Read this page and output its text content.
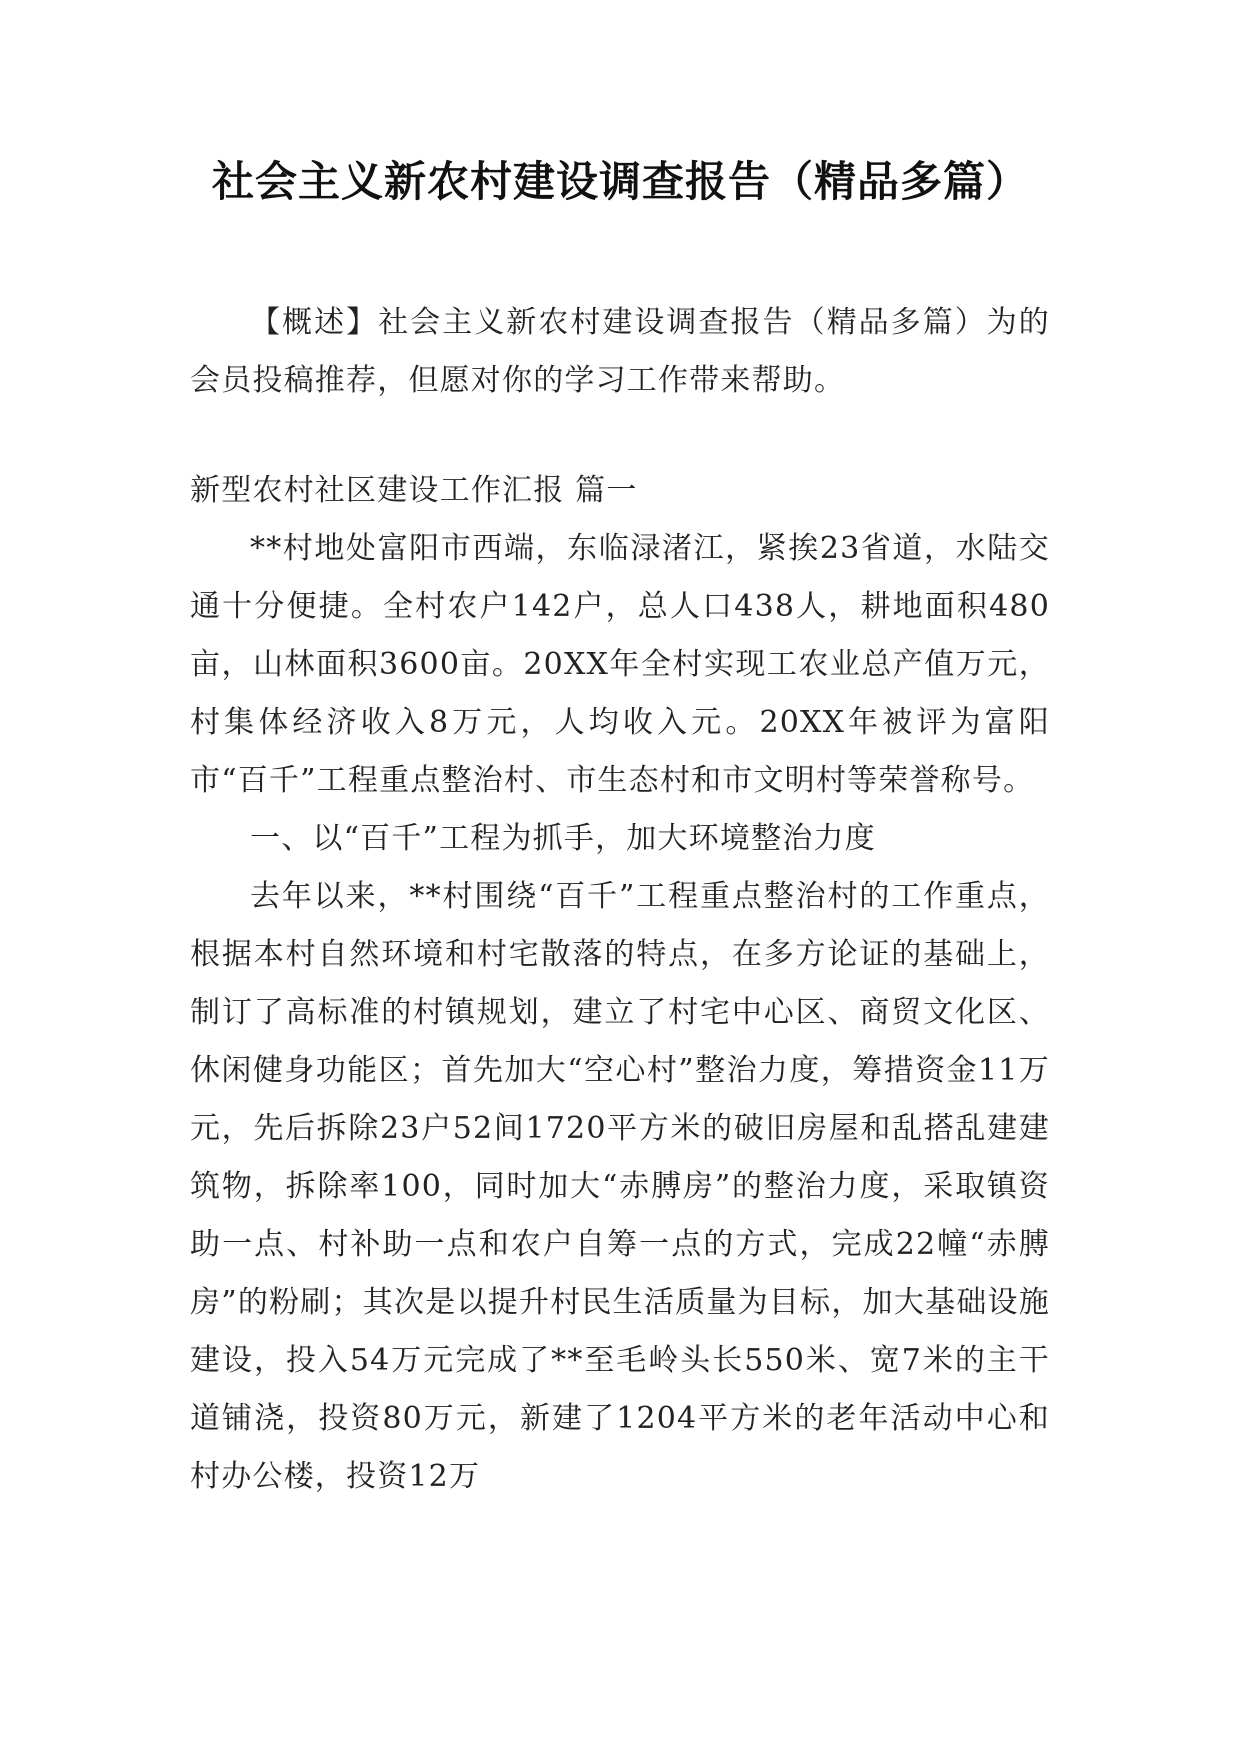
社会主义新农村建设调查报告（精品多篇）

【概述】社会主义新农村建设调查报告（精品多篇）为的会员投稿推荐，但愿对你的学习工作带来帮助。

新型农村社区建设工作汇报 篇一

**村地处富阳市西端，东临渌渚江，紧挨23省道，水陆交通十分便捷。全村农户142户，总人口438人，耕地面积480亩，山林面积3600亩。20XX年全村实现工农业总产值万元，村集体经济收入8万元，人均收入元。20XX年被评为富阳市“百千”工程重点整治村、市生态村和市文明村等荣誉称号。

一、以“百千”工程为抓手，加大环境整治力度

去年以来，**村围绕“百千”工程重点整治村的工作重点，根据本村自然环境和村宅散落的特点，在多方论证的基础上，制订了高标准的村镇规划，建立了村宅中心区、商贸文化区、休闲健身功能区；首先加大“空心村”整治力度，筹措资金11万元，先后拆除23户52间1720平方米的破旧房屋和乱搭乱建建筑物，拆除率100，同时加大“赤膊房”的整治力度，采取镇资助一点、村补助一点和农户自筹一点的方式，完成22幢“赤膊房”的粉刷；其次是以提升村民生活质量为目标，加大基础设施建设，投入54万元完成了**至毛岭头长550米、宽7米的主干道铺浇，投资80万元，新建了1204平方米的老年活动中心和村办公楼，投资12万
